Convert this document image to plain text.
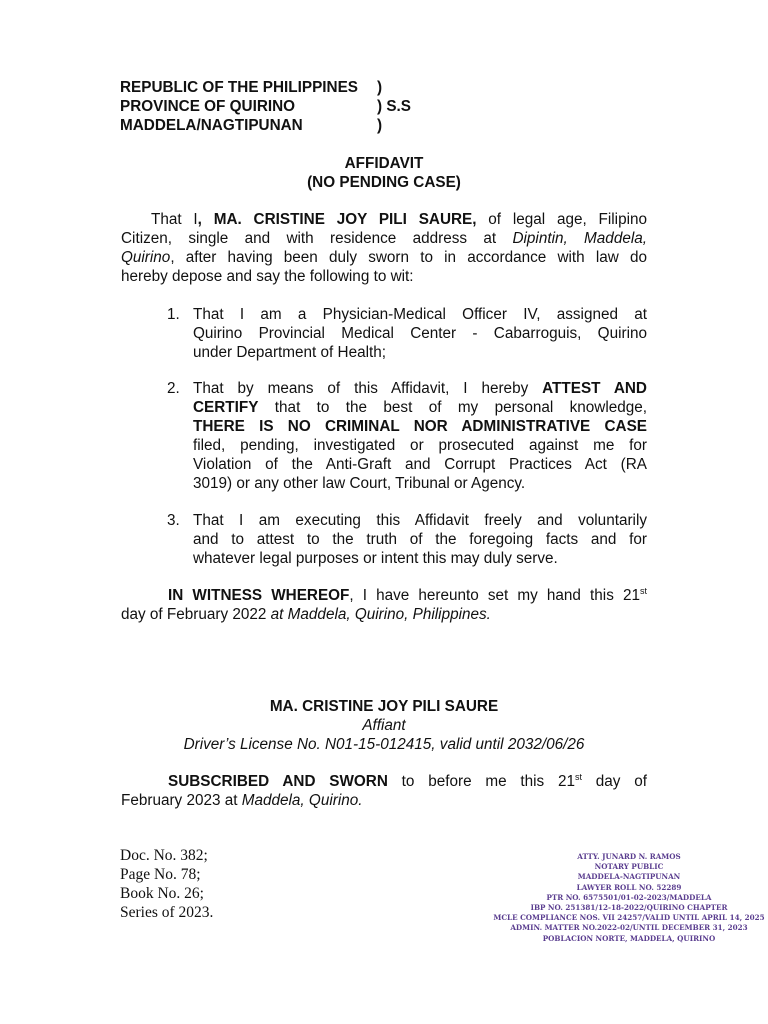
REPUBLIC OF THE PHILIPPINES )
PROVINCE OF QUIRINO	) S.S
MADDELA/NAGTIPUNAN	)
AFFIDAVIT
(NO PENDING CASE)
That I, MA. CRISTINE JOY PILI SAURE, of legal age, Filipino
Citizen, single and with residence address at Dipintin, Maddela,
Quirino, after having been duly sworn to in accordance with law do
hereby depose and say the following to wit:
1. That I am a Physician-Medical Officer IV, assigned at
Quirino Provincial Medical Center - Cabarroguis, Quirino
under Department of Health;
2. That by means of this Affidavit, I hereby ATTEST AND
CERTIFY that to the best of my personal knowledge,
THERE IS NO CRIMINAL NOR ADMINISTRATIVE CASE
filed, pending, investigated or prosecuted against me for
Violation of the Anti-Graft and Corrupt Practices Act (RA
3019) or any other law Court, Tribunal or Agency.
3. That I am executing this Affidavit freely and voluntarily
and to attest to the truth of the foregoing facts and for
whatever legal purposes or intent this may duly serve.
IN WITNESS WHEREOF, I have hereunto set my hand this 21st
day of February 2022 at Maddela, Quirino, Philippines.
MA. CRISTINE JOY PILI SAURE
Affiant
Driver’s License No. N01-15-012415, valid until 2032/06/26
SUBSCRIBED AND SWORN to before me this 21st day of
February 2023 at Maddela, Quirino.
Doc. No. 382;
Page No. 78;
Book No. 26;
Series of 2023.
ATTY. JUNARD N. RAMOS
NOTARY PUBLIC
MADDELA-NAGTIPUNAN
LAWYER ROLL NO. 52289
PTR NO. 6575501/01-02-2023/MADDELA
IBP NO. 251381/12-18-2022/QUIRINO CHAPTER
MCLE COMPLIANCE NOS. VII 24257/VALID UNTIL APRIL 14, 2025
ADMIN. MATTER NO.2022-02/UNTIL DECEMBER 31, 2023
POBLACION NORTE, MADDELA, QUIRINO
